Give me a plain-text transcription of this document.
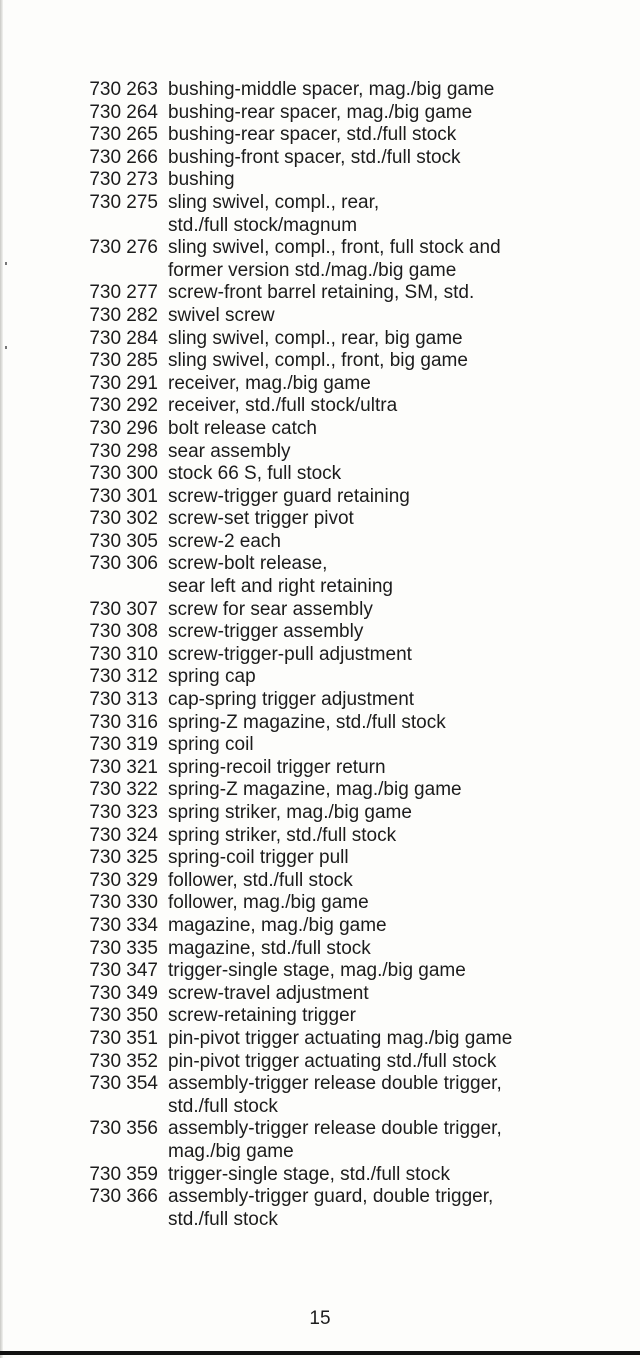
730 263 bushing-middle spacer, mag./big game
730 264 bushing-rear spacer, mag./big game
730 265 bushing-rear spacer, std./full stock
730 266 bushing-front spacer, std./full stock
730 273 bushing
730 275 sling swivel, compl., rear,
std./full stock/magnum
730 276 sling swivel, compl., front, full stock and
former version std./mag./big game
730 277 screw-front barrel retaining, SM, std.
730 282 swivel screw
730 284 sling swivel, compl., rear, big game
730 285 sling swivel, compl., front, big game
730 291 receiver, mag./big game
730 292 receiver, std./full stock/ultra
730 296 bolt release catch
730 298 sear assembly
730 300 stock 66 S, full stock
730 301 screw-trigger guard retaining
730 302 screw-set trigger pivot
730 305 screw-2 each
730 306 screw-bolt release,
sear left and right retaining
730 307 screw for sear assembly
730 308 screw-trigger assembly
730 310 screw-trigger-pull adjustment
730 312 spring cap
730 313 cap-spring trigger adjustment
730 316 spring-Z magazine, std./full stock
730 319 spring coil
730 321 spring-recoil trigger return
730 322 spring-Z magazine, mag./big game
730 323 spring striker, mag./big game
730 324 spring striker, std./full stock
730 325 spring-coil trigger pull
730 329 follower, std./full stock
730 330 follower, mag./big game
730 334 magazine, mag./big game
730 335 magazine, std./full stock
730 347 trigger-single stage, mag./big game
730 349 screw-travel adjustment
730 350 screw-retaining trigger
730 351 pin-pivot trigger actuating mag./big game
730 352 pin-pivot trigger actuating std./full stock
730 354 assembly-trigger release double trigger,
std./full stock
730 356 assembly-trigger release double trigger,
mag./big game
730 359 trigger-single stage, std./full stock
730 366 assembly-trigger guard, double trigger,
std./full stock
15
